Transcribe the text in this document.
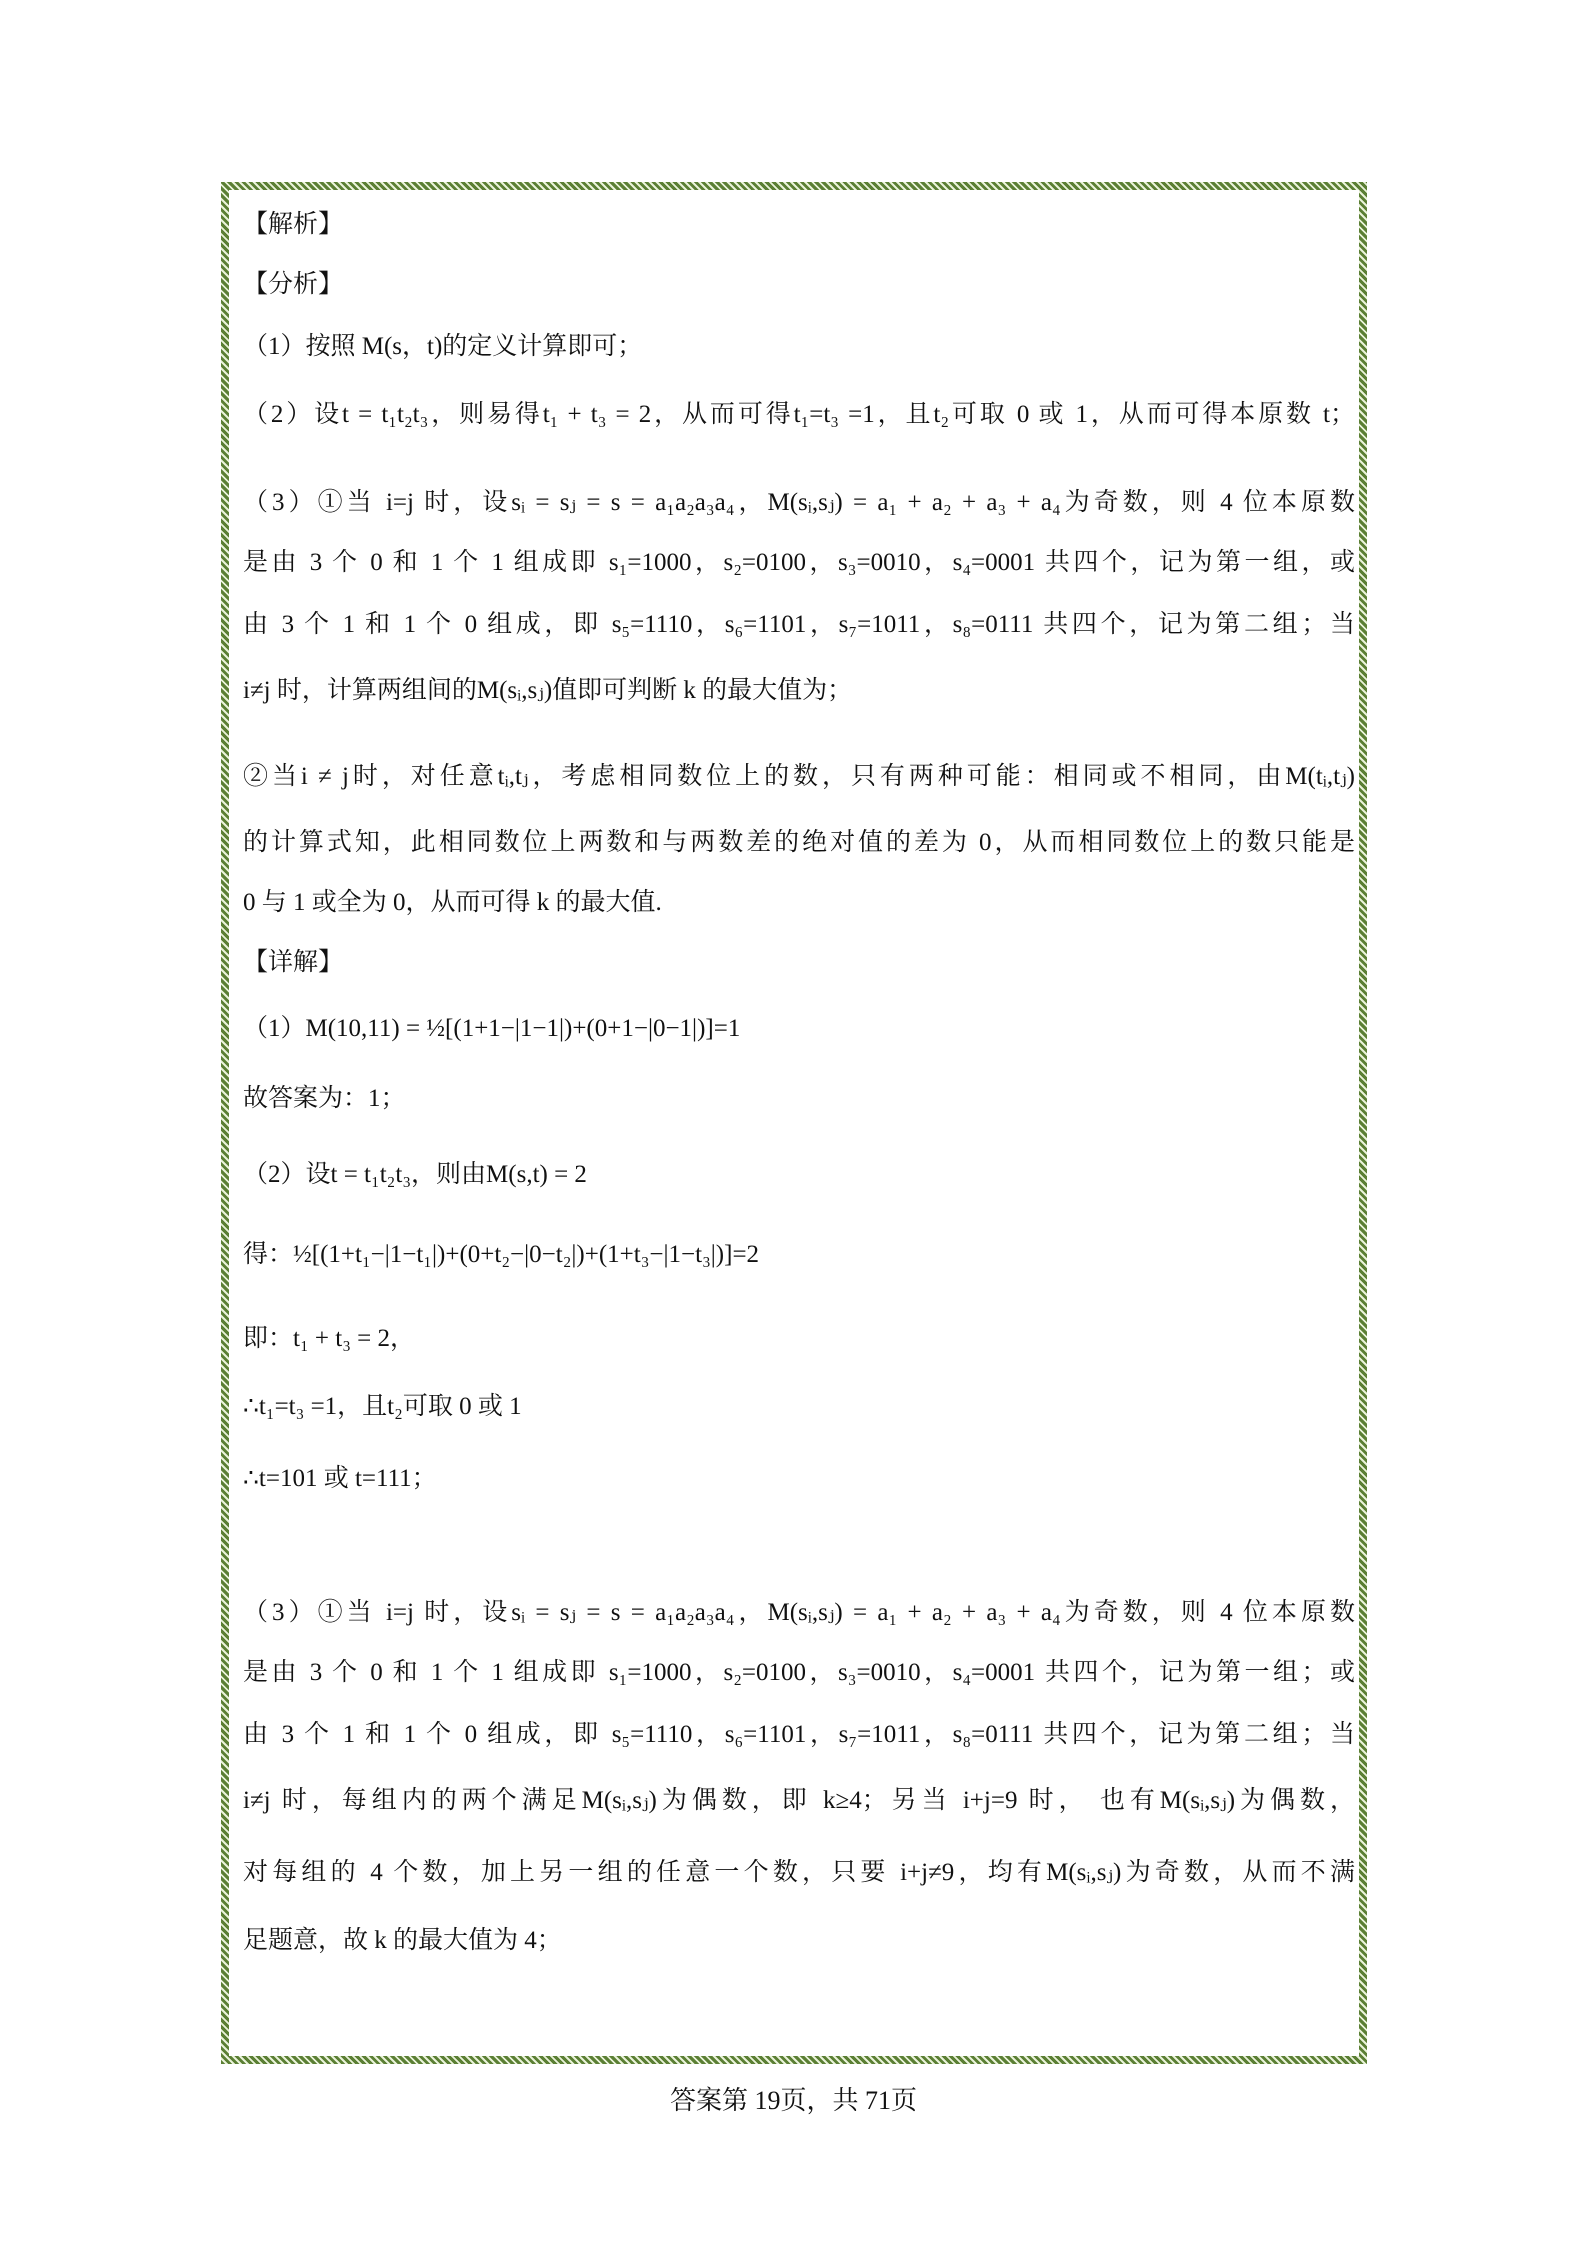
【解析】
【分析】
（1）按照 M(s，t)的定义计算即可；
（2）设t = t₁t₂t₃，则易得t₁ + t₃ = 2，从而可得t₁=t₃ =1，且t₂可取 0 或 1，从而可得本原数 t；
（3）①当 i=j 时，设sᵢ = sⱼ = s = a₁a₂a₃a₄，M(sᵢ,sⱼ) = a₁ + a₂ + a₃ + a₄为奇数，则 4 位本原数
是由 3 个 0 和 1 个 1 组成即 s₁=1000，s₂=0100，s₃=0010，s₄=0001 共四个，记为第一组，或
由 3 个 1 和 1 个 0 组成，即 s₅=1110，s₆=1101，s₇=1011，s₈=0111 共四个，记为第二组；当
i≠j 时，计算两组间的M(sᵢ,sⱼ)值即可判断 k 的最大值为；
②当i ≠ j时，对任意tᵢ,tⱼ，考虑相同数位上的数，只有两种可能：相同或不相同，由M(tᵢ,tⱼ)
的计算式知，此相同数位上两数和与两数差的绝对值的差为 0，从而相同数位上的数只能是
0 与 1 或全为 0，从而可得 k 的最大值.
【详解】
（1）M(10,11) = ½[(1+1−|1−1|)+(0+1−|0−1|)]=1
故答案为：1；
（2）设t = t₁t₂t₃，则由M(s,t) = 2
得：½[(1+t₁−|1−t₁|)+(0+t₂−|0−t₂|)+(1+t₃−|1−t₃|)]=2
即：t₁ + t₃ = 2，
∴t₁=t₃ =1，且t₂可取 0 或 1
∴t=101 或 t=111；
（3）①当 i=j 时，设sᵢ = sⱼ = s = a₁a₂a₃a₄，M(sᵢ,sⱼ) = a₁ + a₂ + a₃ + a₄为奇数，则 4 位本原数
是由 3 个 0 和 1 个 1 组成即 s₁=1000，s₂=0100，s₃=0010，s₄=0001 共四个，记为第一组；或
由 3 个 1 和 1 个 0 组成，即 s₅=1110，s₆=1101，s₇=1011，s₈=0111 共四个，记为第二组；当
i≠j 时，每组内的两个满足M(sᵢ,sⱼ)为偶数，即 k≥4；另当 i+j=9 时， 也有M(sᵢ,sⱼ)为偶数，
对每组的 4 个数，加上另一组的任意一个数，只要 i+j≠9，均有M(sᵢ,sⱼ)为奇数，从而不满
足题意，故 k 的最大值为 4；
答案第 19页，共 71页
